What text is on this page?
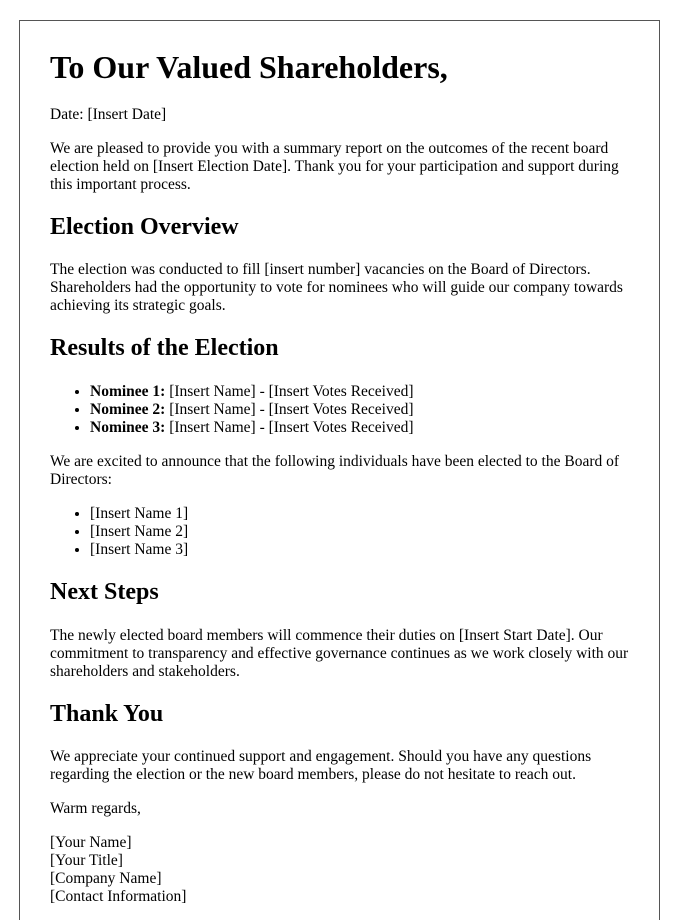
To Our Valued Shareholders,

Date: [Insert Date]

We are pleased to provide you with a summary report on the outcomes of the recent board election held on [Insert Election Date]. Thank you for your participation and support during this important process.

Election Overview

The election was conducted to fill [insert number] vacancies on the Board of Directors. Shareholders had the opportunity to vote for nominees who will guide our company towards achieving its strategic goals.

Results of the Election
• Nominee 1: [Insert Name] - [Insert Votes Received]
• Nominee 2: [Insert Name] - [Insert Votes Received]
• Nominee 3: [Insert Name] - [Insert Votes Received]

We are excited to announce that the following individuals have been elected to the Board of Directors:

• [Insert Name 1]
• [Insert Name 2]
• [Insert Name 3]
Next Steps

The newly elected board members will commence their duties on [Insert Start Date]. Our commitment to transparency and effective governance continues as we work closely with our shareholders and stakeholders.

Thank You

We appreciate your continued support and engagement. Should you have any questions regarding the election or the new board members, please do not hesitate to reach out.

Warm regards,

[Your Name]
[Your Title]
[Company Name]
[Contact Information]
